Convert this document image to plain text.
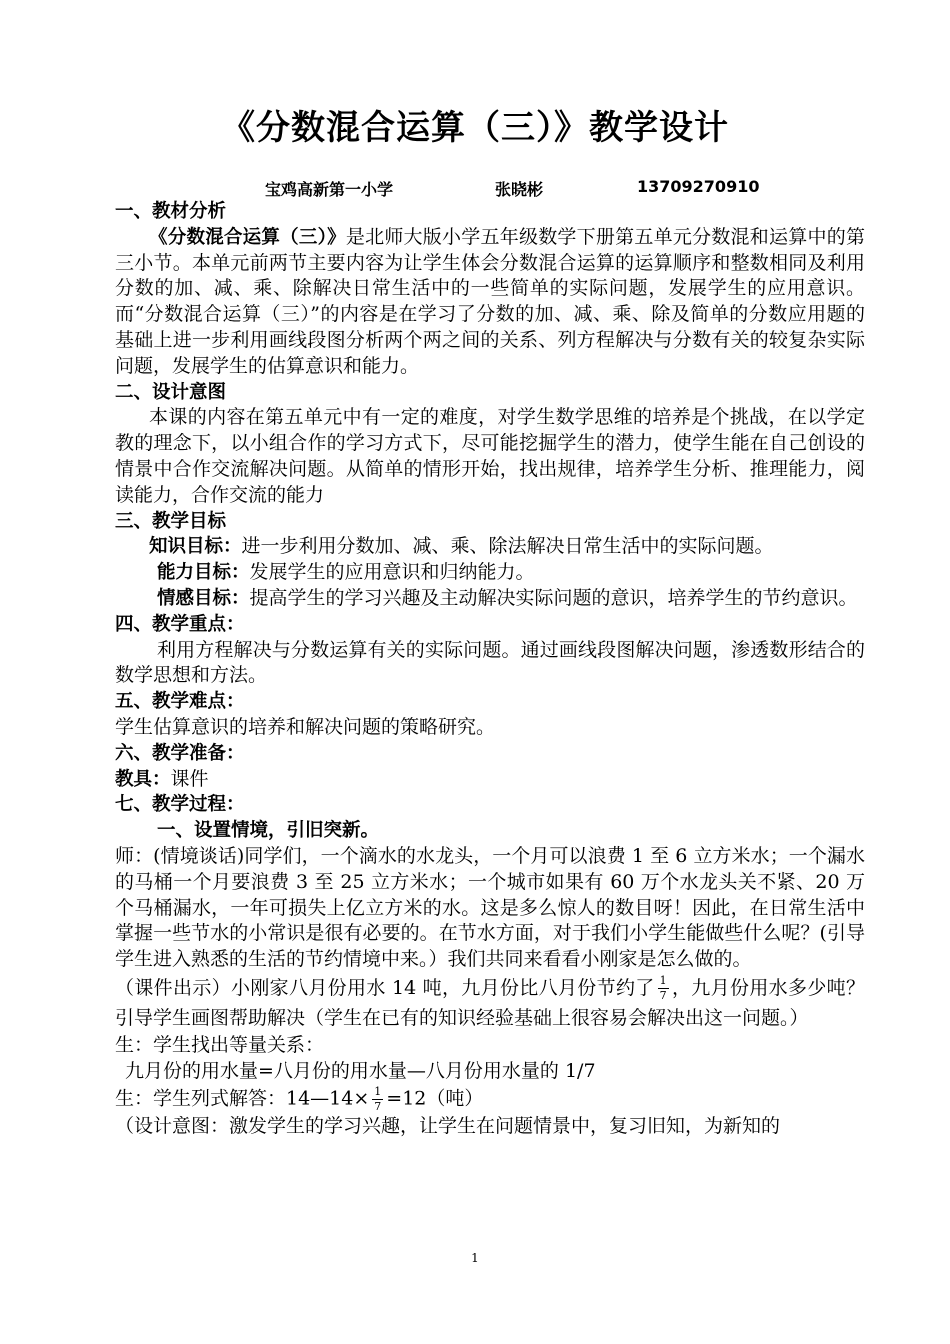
《分数混合运算（三）》教学设计
宝鸡高新第一小学	张晓彬	13709270910

一、教材分析

《分数混合运算（三）》是北师大版小学五年级数学下册第五单元分数混和运算中的第三小节。本单元前两节主要内容为让学生体会分数混合运算的运算顺序和整数相同及利用分数的加、减、乘、除解决日常生活中的一些简单的实际问题，发展学生的应用意识。而“分数混合运算（三）”的内容是在学习了分数的加、减、乘、除及简单的分数应用题的基础上进一步利用画线段图分析两个两之间的关系、列方程解决与分数有关的较复杂实际问题，发展学生的估算意识和能力。

二、设计意图

本课的内容在第五单元中有一定的难度，对学生数学思维的培养是个挑战，在以学定教的理念下，以小组合作的学习方式下，尽可能挖掘学生的潜力，使学生能在自己创设的情景中合作交流解决问题。从简单的情形开始，找出规律，培养学生分析、推理能力，阅读能力，合作交流的能力

三、教学目标

知识目标：进一步利用分数加、减、乘、除法解决日常生活中的实际问题。

能力目标：发展学生的应用意识和归纳能力。

情感目标：提高学生的学习兴趣及主动解决实际问题的意识，培养学生的节约意识。

四、教学重点：

利用方程解决与分数运算有关的实际问题。通过画线段图解决问题，渗透数形结合的数学思想和方法。

五、教学难点：

学生估算意识的培养和解决问题的策略研究。

六、教学准备：

教具：课件

七、教学过程：

一、设置情境，引旧突新。

师：(情境谈话)同学们，一个滴水的水龙头，一个月可以浪费 1 至 6 立方米水；一个漏水的马桶一个月要浪费 3 至 25 立方米水；一个城市如果有 60 万个水龙头关不紧、20 万个马桶漏水，一年可损失上亿立方米的水。这是多么惊人的数目呀！因此，在日常生活中掌握一些节水的小常识是很有必要的。在节水方面，对于我们小学生能做些什么呢？(引导学生进入熟悉的生活的节约情境中来。）我们共同来看看小刚家是怎么做的。

（课件出示）小刚家八月份用水 14 吨，九月份比八月份节约了 $\frac{1}{7}$ ，九月份用水多少吨？引导学生画图帮助解决（学生在已有的知识经验基础上很容易会解决出这一问题。）

生：学生找出等量关系：

九月份的用水量=八月份的用水量—八月份用水量的 1/7

生：学生列式解答：14—14× $\frac{1}{7} =12$（吨）

（设计意图：激发学生的学习兴趣，让学生在问题情景中，复习旧知，为新知的

1
